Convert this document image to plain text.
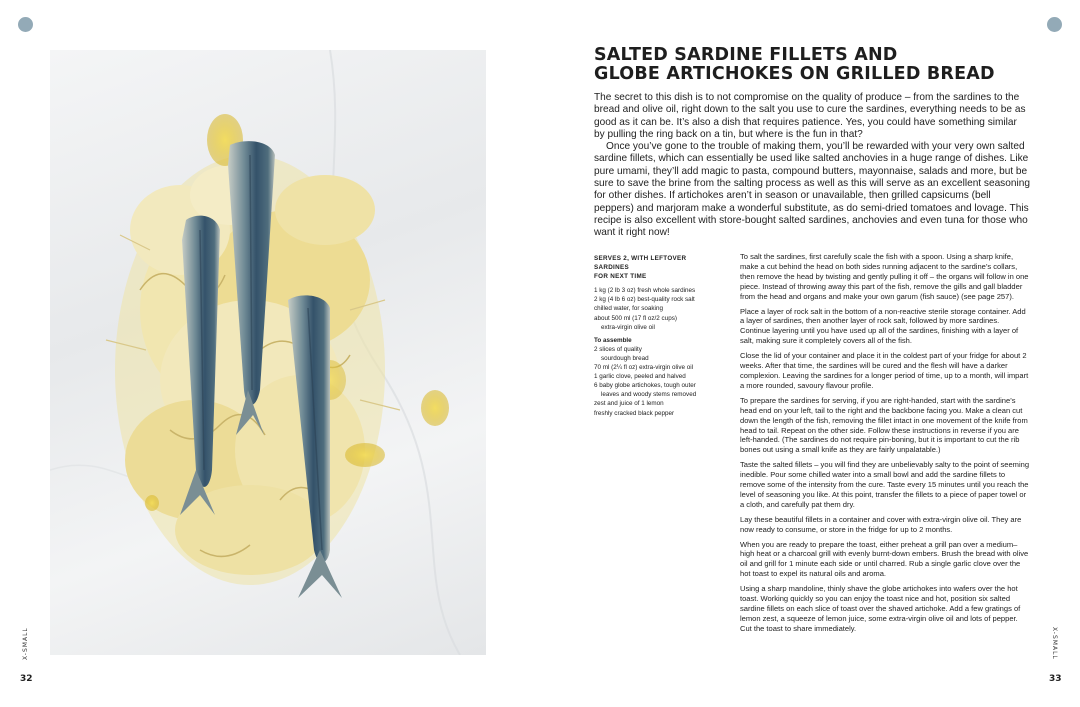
X-SMALL	X-SMALL
32	33
SALTED SARDINE FILLETS AND
GLOBE ARTICHOKES ON GRILLED BREAD

The secret to this dish is to not compromise on the quality of produce – from the sardines to the bread and olive oil, right down to the salt you use to cure the sardines, everything needs to be as good as it can be. It’s also a dish that requires patience. Yes, you could have something similar by pulling the ring back on a tin, but where is the fun in that?

Once you’ve gone to the trouble of making them, you’ll be rewarded with your very own salted sardine fillets, which can essentially be used like salted anchovies in a huge range of dishes. Like pure umami, they’ll add magic to pasta, compound butters, mayonnaise, salads and more, but be sure to save the brine from the salting process as well as this will serve as an excellent seasoning for other dishes. If artichokes aren’t in season or unavailable, then grilled capsicums (bell peppers) and marjoram make a wonderful substitute, as do semi-dried tomatoes and lovage. This recipe is also excellent with store-bought salted sardines, anchovies and even tuna for those who want it right now!

SERVES 2, WITH LEFTOVER SARDINES
FOR NEXT TIME

1 kg (2 lb 3 oz) fresh whole sardines

2 kg (4 lb 6 oz) best-quality rock salt

chilled water, for soaking

about 500 ml (17 fl oz/2 cups)

extra-virgin olive oil

To assemble

2 slices of quality

sourdough bread

70 ml (2¼ fl oz) extra-virgin olive oil

1 garlic clove, peeled and halved

6 baby globe artichokes, tough outer

leaves and woody stems removed

zest and juice of 1 lemon

freshly cracked black pepper

To salt the sardines, first carefully scale the fish with a spoon. Using a sharp knife, make a cut behind the head on both sides running adjacent to the sardine’s collars, then remove the head by twisting and gently pulling it off – the organs will follow in one piece. Instead of throwing away this part of the fish, remove the gills and gall bladder from the head and organs and make your own garum (fish sauce) (see page 257).

Place a layer of rock salt in the bottom of a non-reactive sterile storage container. Add a layer of sardines, then another layer of rock salt, followed by more sardines. Continue layering until you have used up all of the sardines, finishing with a layer of salt, making sure it completely covers all of the fish.

Close the lid of your container and place it in the coldest part of your fridge for about 2 weeks. After that time, the sardines will be cured and the flesh will have a darker complexion. Leaving the sardines for a longer period of time, up to a month, will impart a more rounded, savoury flavour profile.

To prepare the sardines for serving, if you are right-handed, start with the sardine’s head end on your left, tail to the right and the backbone facing you. Make a clean cut down the length of the fish, removing the fillet intact in one movement of the knife from head to tail. Repeat on the other side. Follow these instructions in reverse if you are left-handed. (The sardines do not require pin-boning, but it is important to cut the rib bones out using a small knife as they are fairly unpalatable.)

Taste the salted fillets – you will find they are unbelievably salty to the point of seeming inedible. Pour some chilled water into a small bowl and add the sardine fillets to remove some of the intensity from the cure. Taste every 15 minutes until you reach the level of seasoning you like. At this point, transfer the fillets to a piece of paper towel or a cloth, and carefully pat them dry.

Lay these beautiful fillets in a container and cover with extra-virgin olive oil. They are now ready to consume, or store in the fridge for up to 2 months.

When you are ready to prepare the toast, either preheat a grill pan over a medium–high heat or a charcoal grill with evenly burnt-down embers. Brush the bread with olive oil and grill for 1 minute each side or until charred. Rub a single garlic clove over the hot toast to expel its natural oils and aroma.

Using a sharp mandoline, thinly shave the globe artichokes into wafers over the hot toast. Working quickly so you can enjoy the toast nice and hot, position six salted sardine fillets on each slice of toast over the shaved artichoke. Add a few gratings of lemon zest, a squeeze of lemon juice, some extra-virgin olive oil and lots of pepper. Cut the toast to share immediately.
